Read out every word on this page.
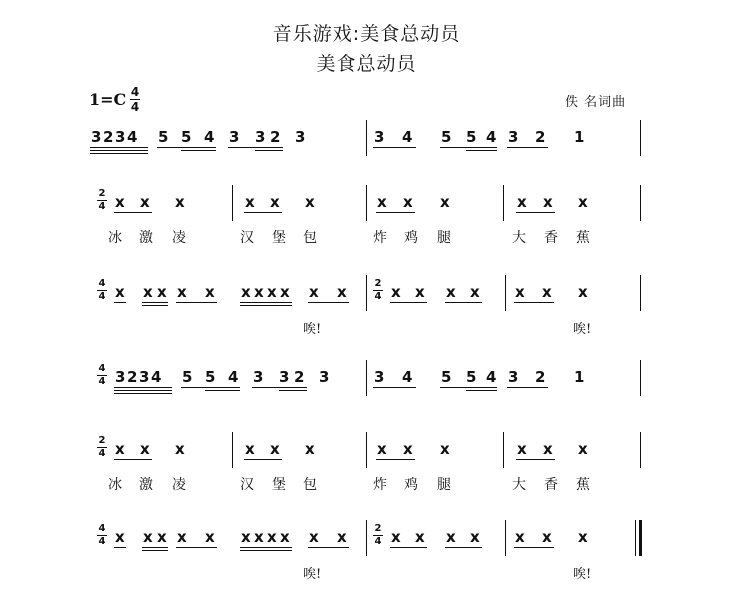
音乐游戏:美食总动员
美食总动员
1=C 4
4	佚 名词曲
3 2 3 4 5 5 4 3 3 2 3	3 4 5 5 4 3 2 1
4
4 3 2 3 4 5 5 4 3 3 2 3	3 4 5 5 4 3 2 1
2
4 x x x	x x x	x x x	x x x
冰 激 凌	汉 堡 包	炸 鸡 腿	大 香 蕉
2
4 x x x	x x x	x x x	x x x
冰 激 凌	汉 堡 包	炸 鸡 腿	大 香 蕉
4
4 x x x x x x x x x x x	2
4 x x x x x x x
唉!	唉!
4
4 x x x x x x x x x x x	2
4 x x x x x x x
唉!	唉!
